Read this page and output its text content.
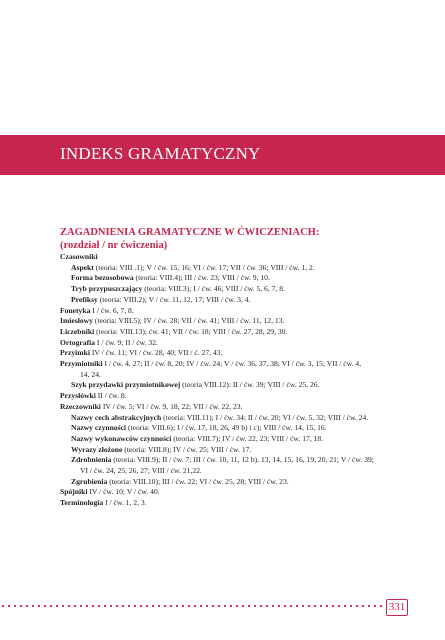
INDEKS GRAMATYCZNY
ZAGADNIENIA GRAMATYCZNE W ĆWICZENIACH:
(rozdział / nr ćwiczenia)
Czasowniki
Aspekt (teoria: VIII .1); V / ćw. 15, 16; VI / ćw. 17; VII / ćw. 36; VIII / ćw. 1, 2.
Forma bezosobowa (teoria: VIII.4); III / ćw. 23; VIII / ćw. 9, 10.
Tryb przypuszczający (teoria: VIII.3); I / ćw. 46; VIII / ćw. 5, 6, 7, 8.
Prefiksy (teoria: VIII.2); V / ćw. 11, 12, 17; VIII / ćw. 3, 4.
Fonetyka I / ćw. 6, 7, 8.
Imiesłowy (teoria: VIII.5); IV / ćw. 28; VII / ćw. 41; VIII / ćw. 11, 12, 13.
Liczebniki (teoria: VIII.13); ćw. 41; VII / ćw. 18; VIII / ćw. 27, 28, 29, 30.
Ortografia I / ćw. 9; II / ćw. 32.
Przyimki IV / ćw. 11; VI / ćw. 28, 40; VII / ć. 27, 43.
Przymiotniki I / ćw. 4, 27; II / ćw. 8, 20; IV / ćw. 24; V / ćw. 36, 37, 38; VI / ćw. 3, 15; VII / ćw. 4,
14, 24.
Szyk przydawki przymiotnikowej (teoria VIII.12): II / ćw. 39; VIII / ćw. 25, 26.
Przysłówki II / ćw. 8.
Rzeczowniki IV / ćw. 5; VI / ćw. 9, 18, 22; VII / ćw. 22, 23.
Nazwy cech abstrakcyjnych (teoria: VIII.11); I / ćw. 34; II / ćw. 20; VI / ćw. 5, 32; VIII / ćw. 24.
Nazwy czynności (teoria: VIII.6); I / ćw. 17, 18, 26, 49 b) i c); VIII / ćw. 14, 15, 16.
Nazwy wykonawców czynności (teoria: VIII.7); IV / ćw. 22, 23; VIII / ćw. 17, 18.
Wyrazy złożone (teoria: VIII.8); IV / ćw. 25; VIII / ćw. 17.
Zdrobnienia (teoria: VIII.9); II / ćw. 7; III / ćw. 10, 11, 12 b), 13, 14, 15, 16, 19, 20, 21; V / ćw. 39;
VI / ćw. 24, 25, 26, 27; VIII / ćw. 21,22.
Zgrubienia (teoria: VIII.10); III / ćw. 22; VI / ćw. 25, 28; VIII / ćw. 23.
Spójniki IV / ćw. 10; V / ćw. 40.
Terminologia I / ćw. 1, 2, 3.
331
